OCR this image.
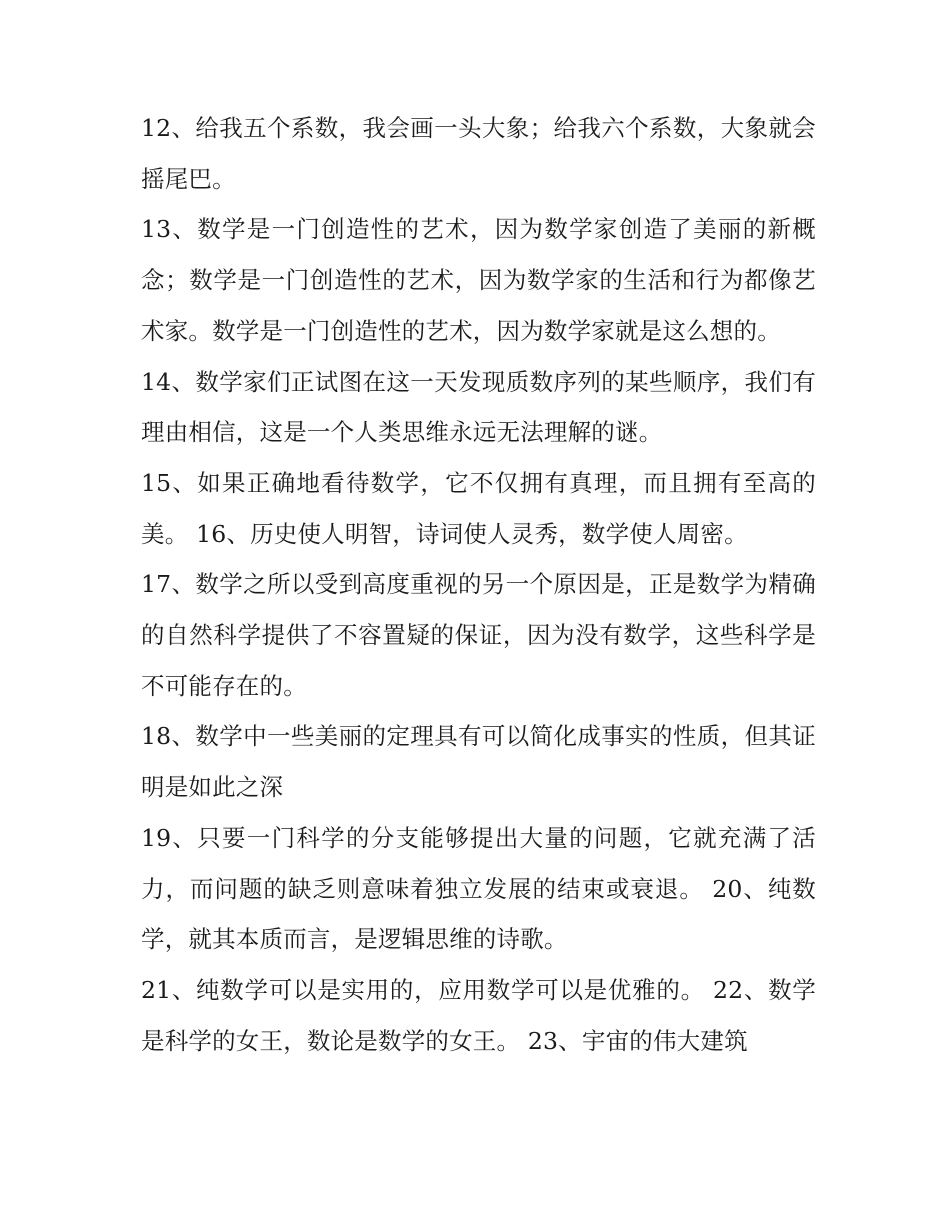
12、给我五个系数，我会画一头大象；给我六个系数，大象就会摇尾巴。

13、数学是一门创造性的艺术，因为数学家创造了美丽的新概念；数学是一门创造性的艺术，因为数学家的生活和行为都像艺术家。数学是一门创造性的艺术，因为数学家就是这么想的。

14、数学家们正试图在这一天发现质数序列的某些顺序，我们有理由相信，这是一个人类思维永远无法理解的谜。

15、如果正确地看待数学，它不仅拥有真理，而且拥有至高的美。 16、历史使人明智，诗词使人灵秀，数学使人周密。

17、数学之所以受到高度重视的另一个原因是，正是数学为精确的自然科学提供了不容置疑的保证，因为没有数学，这些科学是不可能存在的。

18、数学中一些美丽的定理具有可以简化成事实的性质，但其证明是如此之深

19、只要一门科学的分支能够提出大量的问题，它就充满了活力，而问题的缺乏则意味着独立发展的结束或衰退。 20、纯数学，就其本质而言，是逻辑思维的诗歌。

21、纯数学可以是实用的，应用数学可以是优雅的。 22、数学是科学的女王，数论是数学的女王。 23、宇宙的伟大建筑
